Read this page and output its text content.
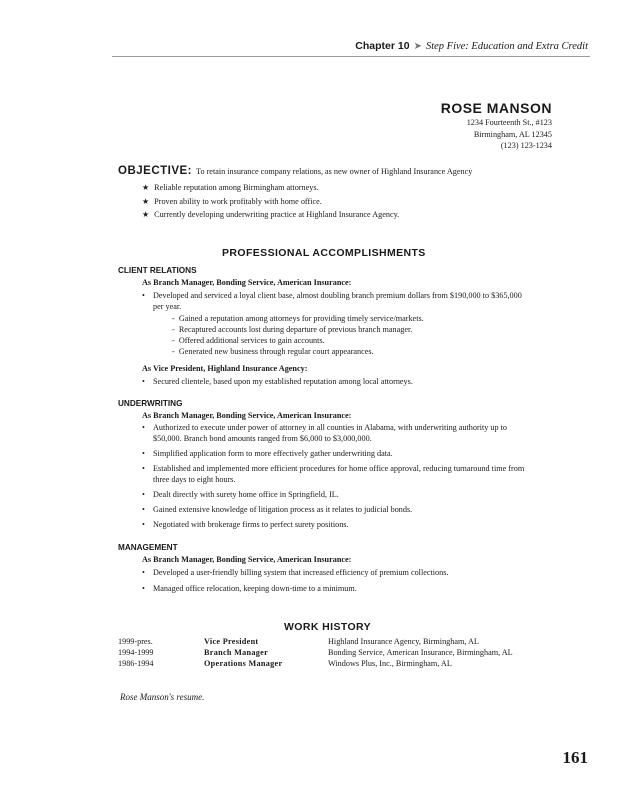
Chapter 10 ➤ Step Five: Education and Extra Credit
ROSE MANSON
1234 Fourteenth St., #123
Birmingham, AL 12345
(123) 123-1234
OBJECTIVE: To retain insurance company relations, as new owner of Highland Insurance Agency
★ Reliable reputation among Birmingham attorneys.
★ Proven ability to work profitably with home office.
★ Currently developing underwriting practice at Highland Insurance Agency.
PROFESSIONAL ACCOMPLISHMENTS
CLIENT RELATIONS
As Branch Manager, Bonding Service, American Insurance:
• Developed and serviced a loyal client base, almost doubling branch premium dollars from $190,000 to $365,000 per year.
-  Gained a reputation among attorneys for providing timely service/markets.
-  Recaptured accounts lost during departure of previous branch manager.
-  Offered additional services to gain accounts.
-  Generated new business through regular court appearances.
As Vice President, Highland Insurance Agency:
• Secured clientele, based upon my established reputation among local attorneys.
UNDERWRITING
As Branch Manager, Bonding Service, American Insurance:
• Authorized to execute under power of attorney in all counties in Alabama, with underwriting authority up to $50,000. Branch bond amounts ranged from $6,000 to $3,000,000.
• Simplified application form to more effectively gather underwriting data.
• Established and implemented more efficient procedures for home office approval, reducing turnaround time from three days to eight hours.
• Dealt directly with surety home office in Springfield, IL.
• Gained extensive knowledge of litigation process as it relates to judicial bonds.
• Negotiated with brokerage firms to perfect surety positions.
MANAGEMENT
As Branch Manager, Bonding Service, American Insurance:
• Developed a user-friendly billing system that increased efficiency of premium collections.
• Managed office relocation, keeping down-time to a minimum.
WORK HISTORY
1999-pres.	Vice President	Highland Insurance Agency, Birmingham, AL
1994-1999	Branch Manager	Bonding Service, American Insurance, Birmingham, AL
1986-1994	Operations Manager	Windows Plus, Inc., Birmingham, AL
Rose Manson's resume.
161
